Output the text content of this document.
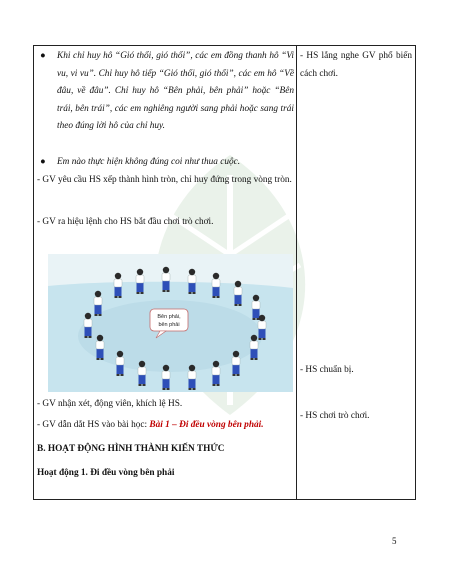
● Khi chỉ huy hô “Gió thổi, gió thổi”, các em đồng thanh hô “Vi vu, vi vu”. Chỉ huy hô tiếp “Gió thổi, gió thổi”, các em hô “Về đâu, về đâu”. Chỉ huy hô “Bên phải, bên phải” hoặc “Bên trái, bên trái”, các em nghiêng người sang phải hoặc sang trái theo đúng lời hô của chỉ huy.
● Em nào thực hiện không đúng coi như thua cuộc.
- GV yêu cầu HS xếp thành hình tròn, chỉ huy đứng trong vòng tròn.
- GV ra hiệu lệnh cho HS bắt đầu chơi trò chơi.
Bên phải,
bên phải
- GV nhận xét, động viên, khích lệ HS.
- GV dẫn dắt HS vào bài học: Bài 1 – Đi đều vòng bên phải.
B. HOẠT ĐỘNG HÌNH THÀNH KIẾN THỨC
Hoạt động 1. Đi đều vòng bên phải
- HS lắng nghe GV phổ biến cách chơi.
- HS chuẩn bị.
- HS chơi trò chơi.
5
